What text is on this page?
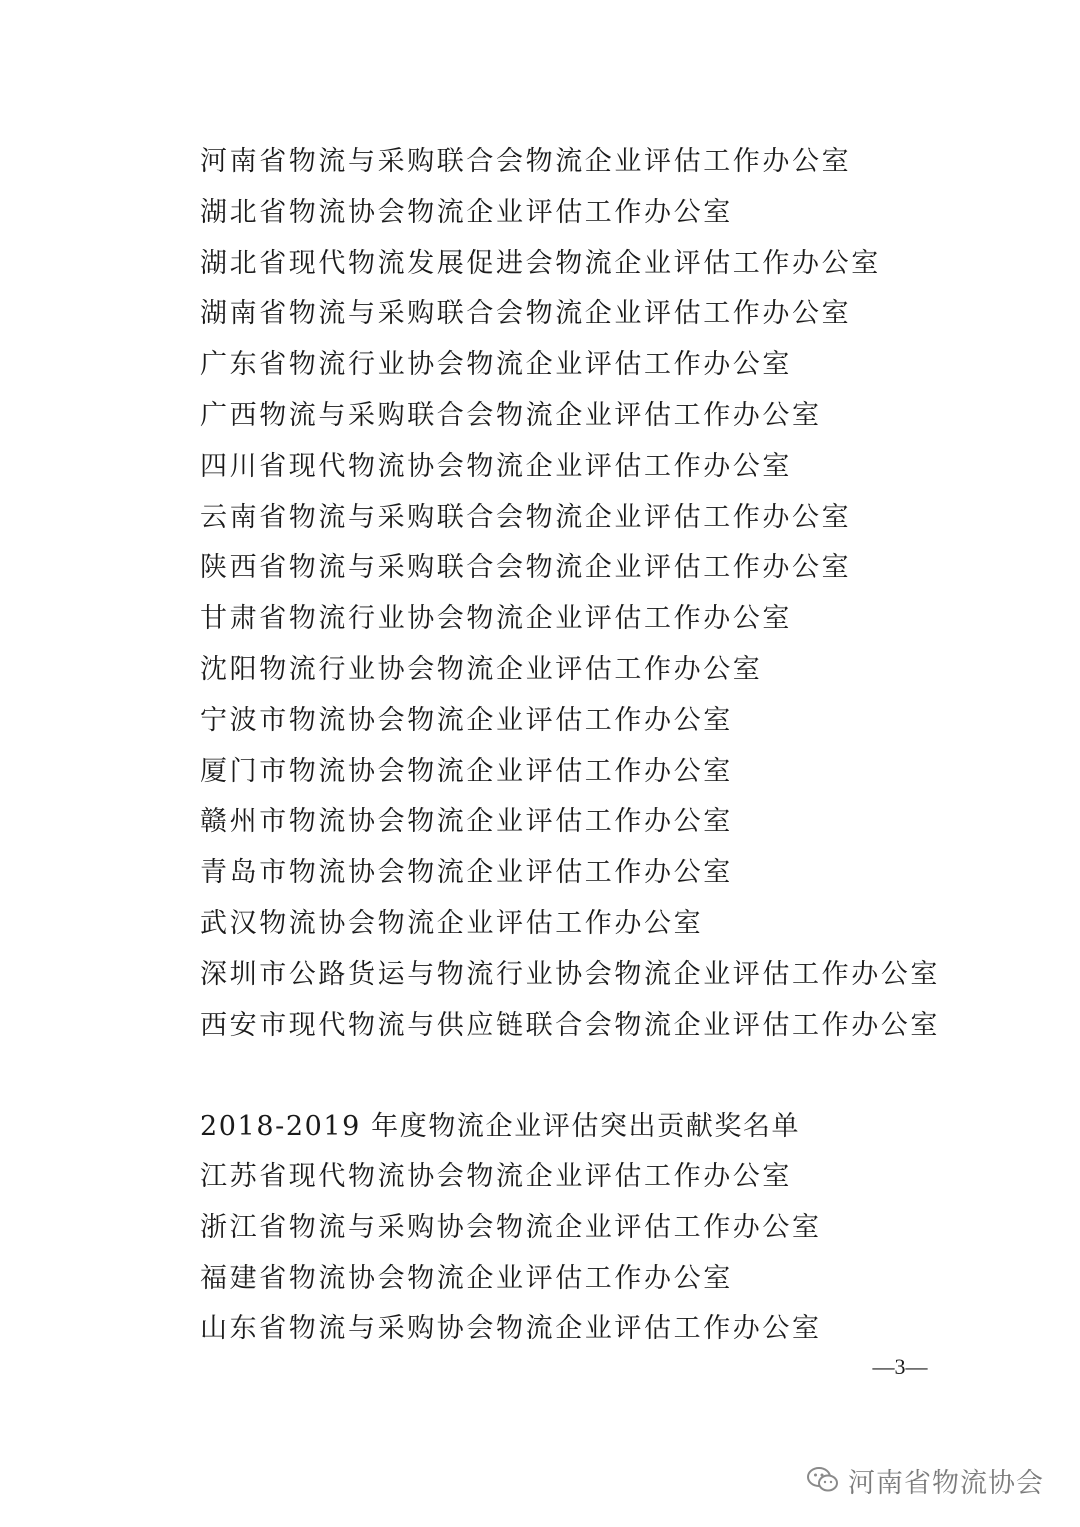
河南省物流与采购联合会物流企业评估工作办公室
湖北省物流协会物流企业评估工作办公室
湖北省现代物流发展促进会物流企业评估工作办公室
湖南省物流与采购联合会物流企业评估工作办公室
广东省物流行业协会物流企业评估工作办公室
广西物流与采购联合会物流企业评估工作办公室
四川省现代物流协会物流企业评估工作办公室
云南省物流与采购联合会物流企业评估工作办公室
陕西省物流与采购联合会物流企业评估工作办公室
甘肃省物流行业协会物流企业评估工作办公室
沈阳物流行业协会物流企业评估工作办公室
宁波市物流协会物流企业评估工作办公室
厦门市物流协会物流企业评估工作办公室
赣州市物流协会物流企业评估工作办公室
青岛市物流协会物流企业评估工作办公室
武汉物流协会物流企业评估工作办公室
深圳市公路货运与物流行业协会物流企业评估工作办公室
西安市现代物流与供应链联合会物流企业评估工作办公室
2018-2019 年度物流企业评估突出贡献奖名单
江苏省现代物流协会物流企业评估工作办公室
浙江省物流与采购协会物流企业评估工作办公室
福建省物流协会物流企业评估工作办公室
山东省物流与采购协会物流企业评估工作办公室
—3—
河南省物流协会
